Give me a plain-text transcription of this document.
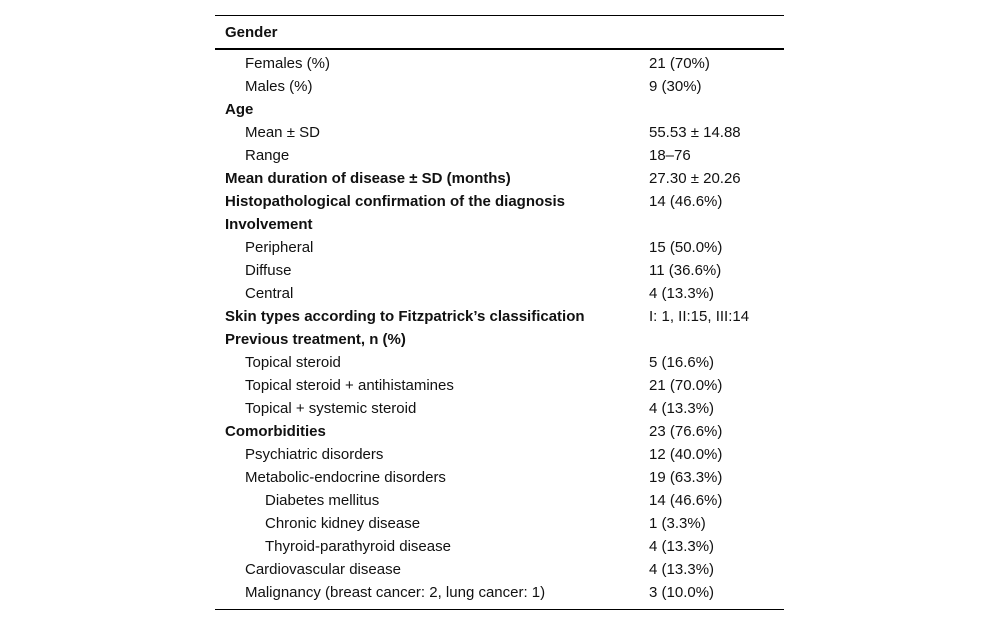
Gender
Females (%)	21 (70%)
Males (%)	9 (30%)
Age
Mean ± SD	55.53 ± 14.88
Range	18–76
Mean duration of disease ± SD (months)	27.30 ± 20.26
Histopathological confirmation of the diagnosis	14 (46.6%)
Involvement
Peripheral	15 (50.0%)
Diffuse	11 (36.6%)
Central	4 (13.3%)
Skin types according to Fitzpatrick’s classification	I: 1, II:15, III:14
Previous treatment, n (%)
Topical steroid	5 (16.6%)
Topical steroid + antihistamines	21 (70.0%)
Topical + systemic steroid	4 (13.3%)
Comorbidities	23 (76.6%)
Psychiatric disorders	12 (40.0%)
Metabolic-endocrine disorders	19 (63.3%)
Diabetes mellitus	14 (46.6%)
Chronic kidney disease	1 (3.3%)
Thyroid-parathyroid disease	4 (13.3%)
Cardiovascular disease	4 (13.3%)
Malignancy (breast cancer: 2, lung cancer: 1)	3 (10.0%)
